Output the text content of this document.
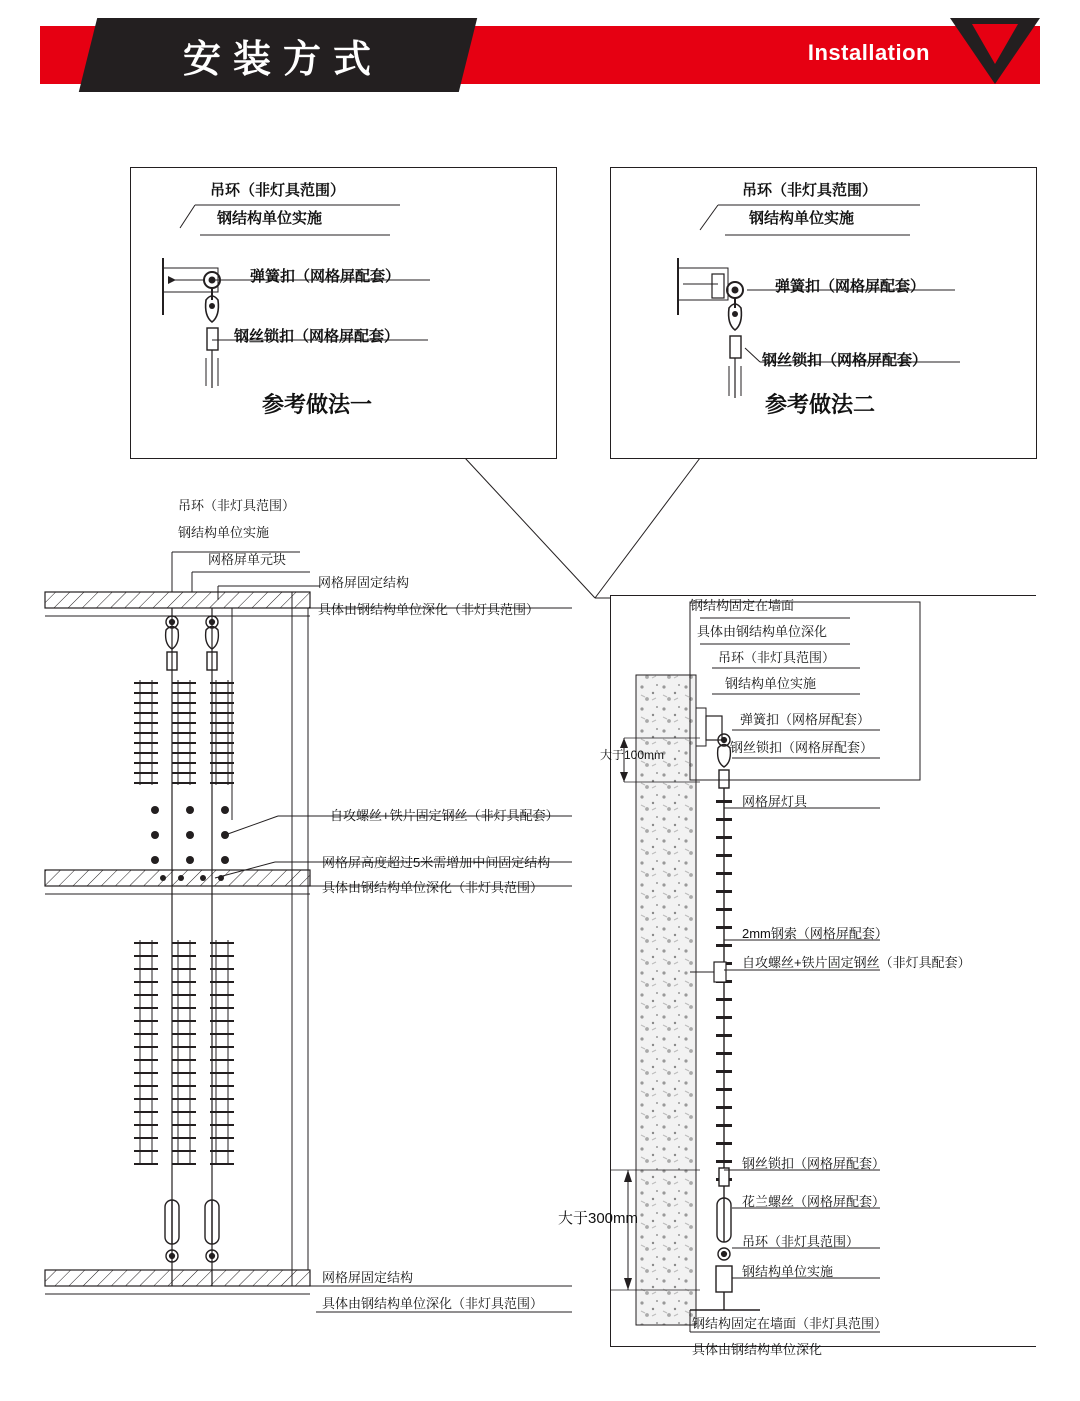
安装方式	Installation
吊环（非灯具范围）
钢结构单位实施
弹簧扣（网格屏配套）
钢丝锁扣（网格屏配套）
参考做法一
吊环（非灯具范围）
钢结构单位实施
弹簧扣（网格屏配套）
钢丝锁扣（网格屏配套）
参考做法二
吊环（非灯具范围）
钢结构单位实施
网格屏单元块
网格屏固定结构
具体由钢结构单位深化（非灯具范围）
自攻螺丝+铁片固定钢丝（非灯具配套）
网格屏高度超过5米需增加中间固定结构
具体由钢结构单位深化（非灯具范围）
网格屏固定结构
具体由钢结构单位深化（非灯具范围）
钢结构固定在墙面
具体由钢结构单位深化
吊环（非灯具范围）
钢结构单位实施
弹簧扣（网格屏配套）
钢丝锁扣（网格屏配套）
大于100mm
大于300mm
网格屏灯具
2mm钢索（网格屏配套）
自攻螺丝+铁片固定钢丝（非灯具配套）
钢丝锁扣（网格屏配套）
花兰螺丝（网格屏配套）
吊环（非灯具范围）
钢结构单位实施
钢结构固定在墙面（非灯具范围）
具体由钢结构单位深化
